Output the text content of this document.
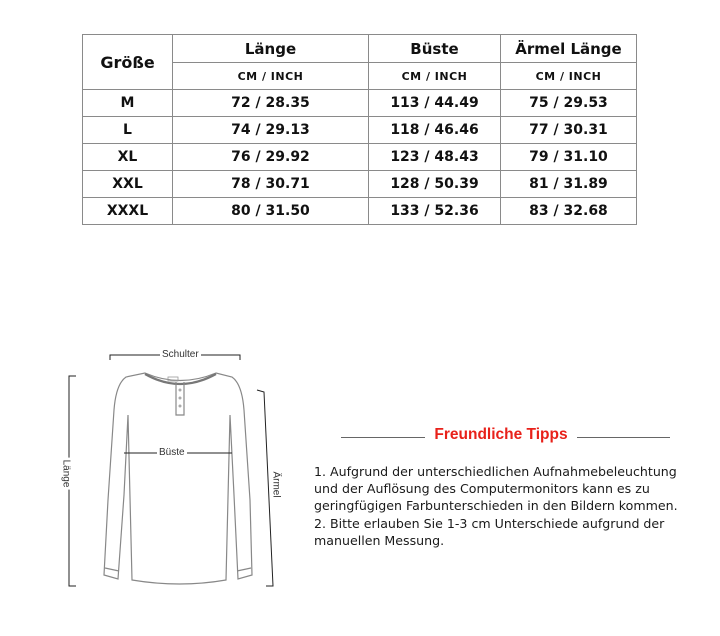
Größe	Länge	Büste	Ärmel Länge
	CM / INCH	CM / INCH	CM / INCH
M	72 / 28.35	113 / 44.49	75 / 29.53
L	74 / 29.13	118 / 46.46	77 / 30.31
XL	76 / 29.92	123 / 48.43	79 / 31.10
XXL	78 / 30.71	128 / 50.39	81 / 31.89
XXXL	80 / 31.50	133 / 52.36	83 / 32.68
Schulter
Büste
Länge	Ärmel
Freundliche Tipps

1. Aufgrund der unterschiedlichen Aufnahmebeleuchtung

und der Auflösung des Computermonitors kann es zu

geringfügigen Farbunterschieden in den Bildern kommen.

2. Bitte erlauben Sie 1-3 cm Unterschiede aufgrund der

manuellen Messung.
